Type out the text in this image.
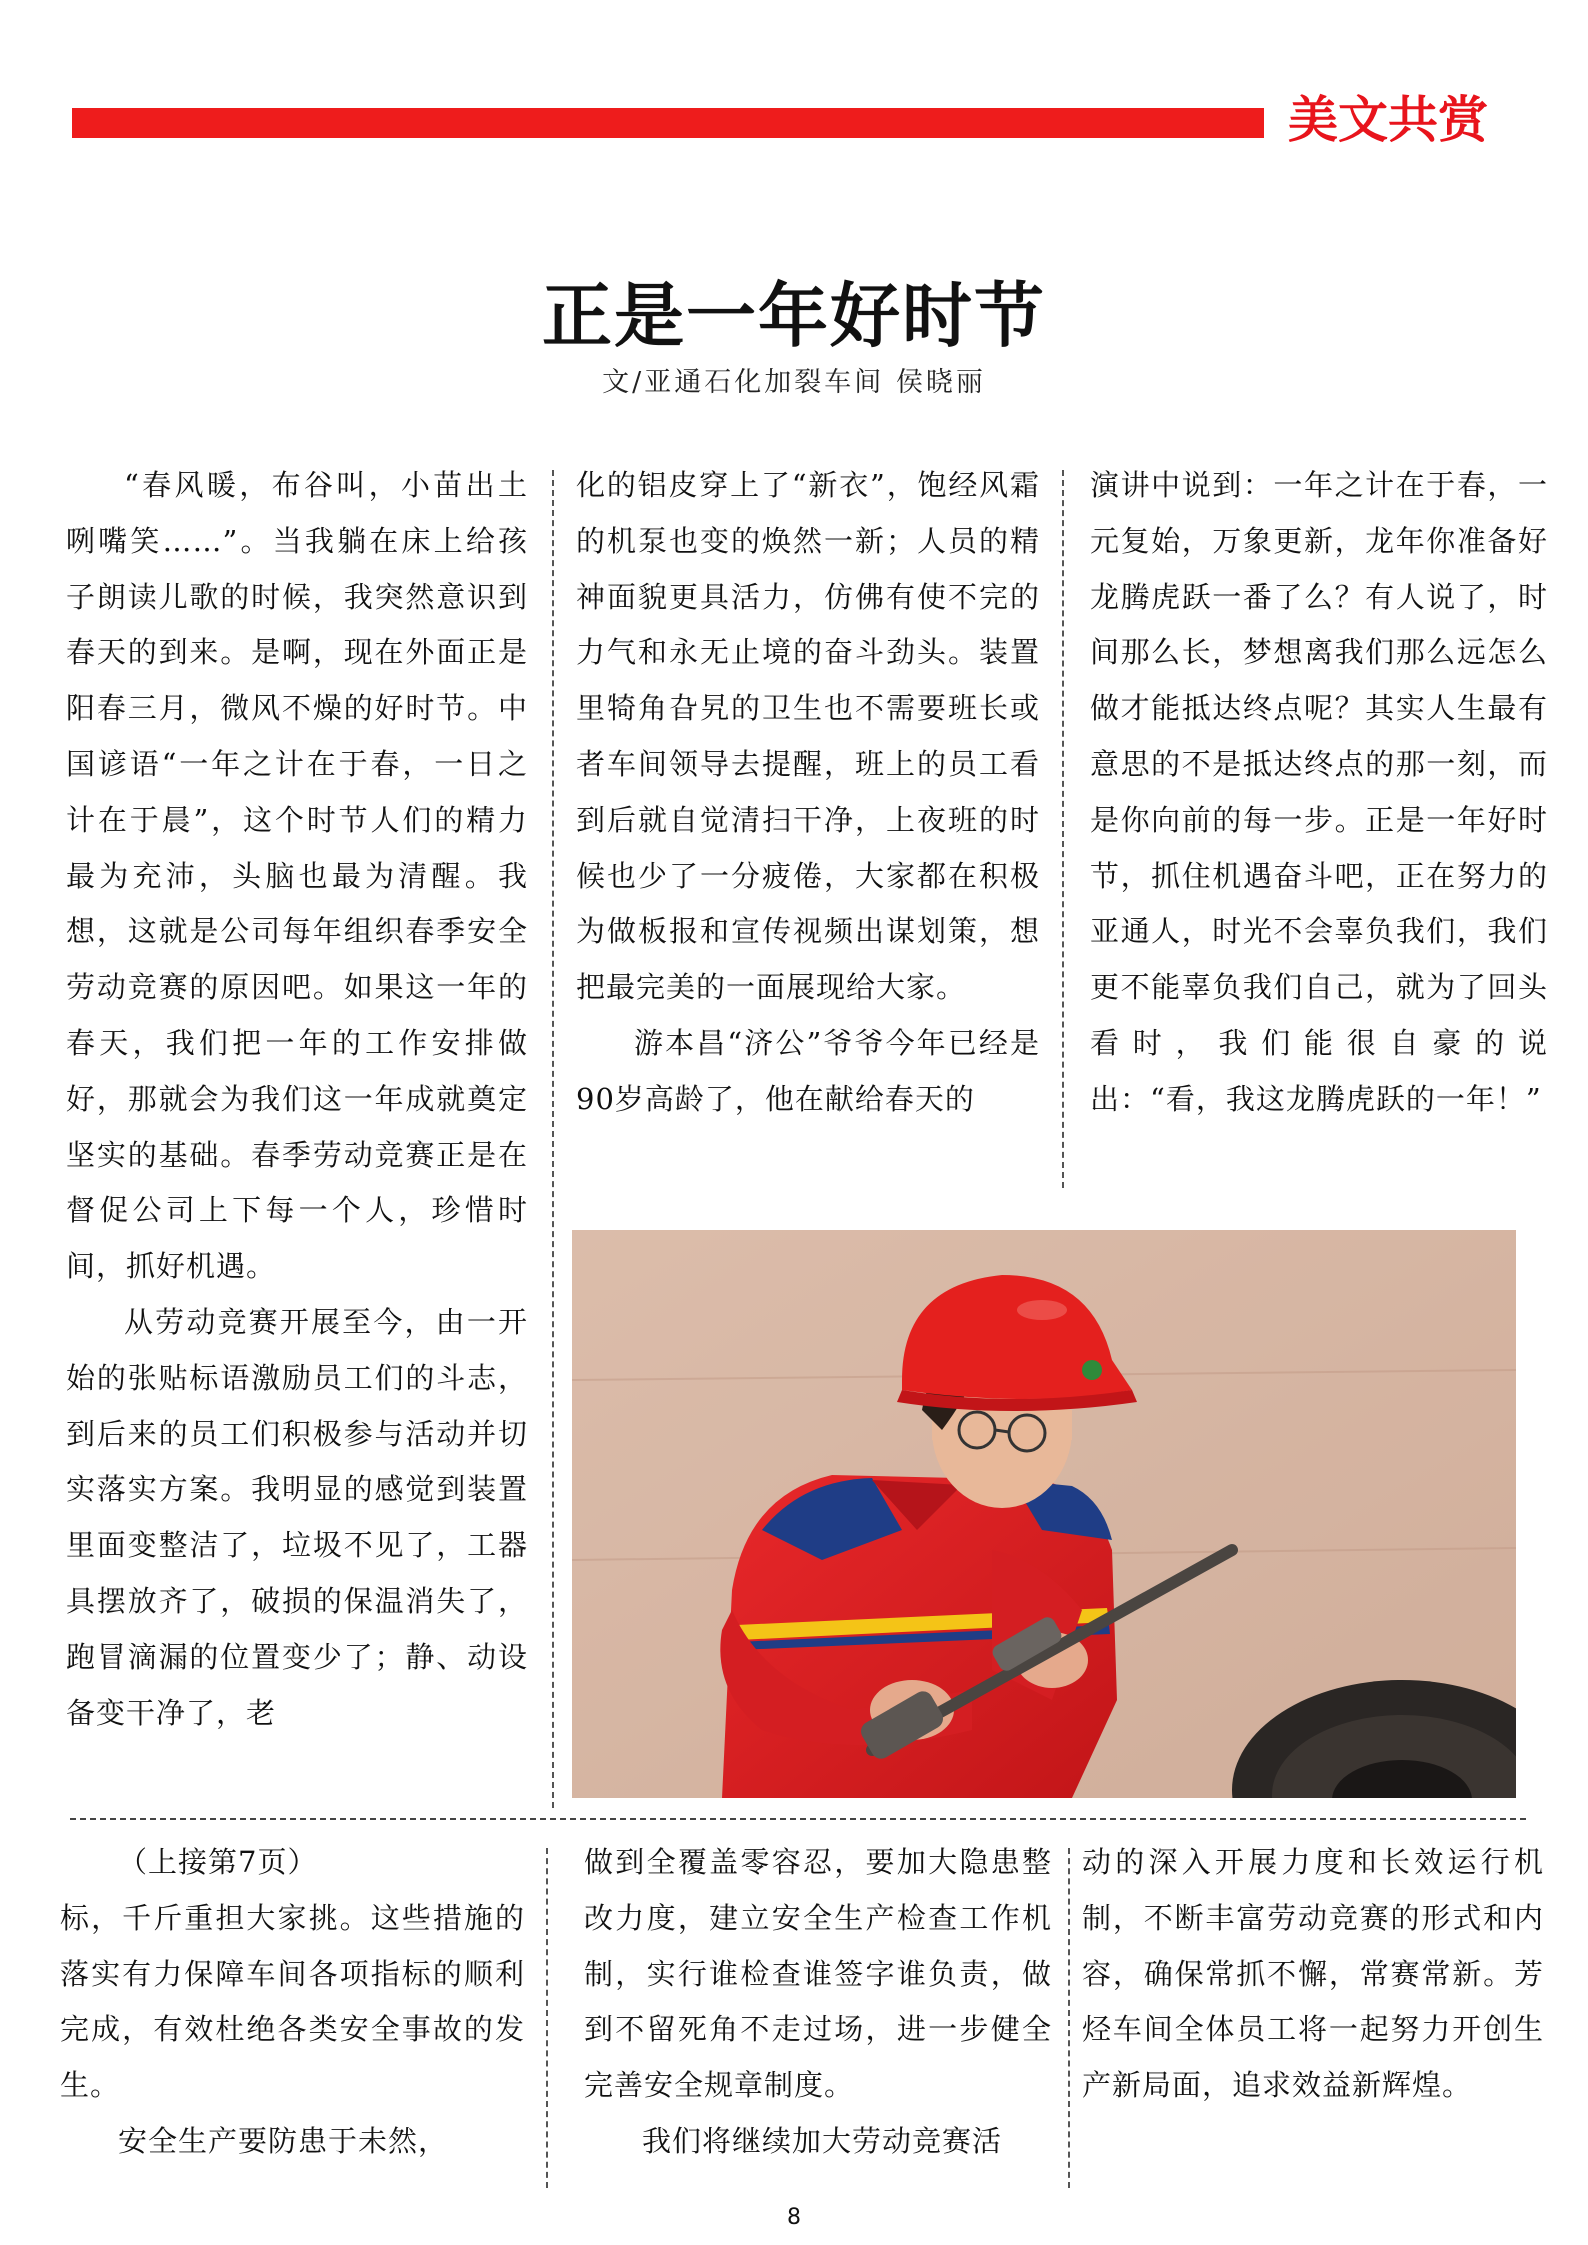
美文共赏
正是一年好时节
文/亚通石化加裂车间 侯晓丽

“春风暖，布谷叫，小苗出土咧嘴笑……”。当我躺在床上给孩子朗读儿歌的时候，我突然意识到春天的到来。是啊，现在外面正是阳春三月，微风不燥的好时节。中国谚语“一年之计在于春，一日之计在于晨”，这个时节人们的精力最为充沛，头脑也最为清醒。我想，这就是公司每年组织春季安全劳动竞赛的原因吧。如果这一年的春天，我们把一年的工作安排做好，那就会为我们这一年成就奠定坚实的基础。春季劳动竞赛正是在督促公司上下每一个人，珍惜时间，抓好机遇。

从劳动竞赛开展至今，由一开始的张贴标语激励员工们的斗志，到后来的员工们积极参与活动并切实落实方案。我明显的感觉到装置里面变整洁了，垃圾不见了，工器具摆放齐了，破损的保温消失了，跑冒滴漏的位置变少了；静、动设备变干净了，老

化的铝皮穿上了“新衣”，饱经风霜的机泵也变的焕然一新；人员的精神面貌更具活力，仿佛有使不完的力气和永无止境的奋斗劲头。装置里犄角旮旯的卫生也不需要班长或者车间领导去提醒，班上的员工看到后就自觉清扫干净，上夜班的时候也少了一分疲倦，大家都在积极为做板报和宣传视频出谋划策，想把最完美的一面展现给大家。

游本昌“济公”爷爷今年已经是90岁高龄了，他在献给春天的

演讲中说到：一年之计在于春，一元复始，万象更新，龙年你准备好龙腾虎跃一番了么？有人说了，时间那么长，梦想离我们那么远怎么做才能抵达终点呢？其实人生最有意思的不是抵达终点的那一刻，而是你向前的每一步。正是一年好时节，抓住机遇奋斗吧，正在努力的亚通人，时光不会辜负我们，我们更不能辜负我们自己，就为了回头看时，我们能很自豪的说出：“看，我这龙腾虎跃的一年！”

（上接第7页）

标，千斤重担大家挑。这些措施的落实有力保障车间各项指标的顺利完成，有效杜绝各类安全事故的发生。

安全生产要防患于未然，

做到全覆盖零容忍，要加大隐患整改力度，建立安全生产检查工作机制，实行谁检查谁签字谁负责，做到不留死角不走过场，进一步健全完善安全规章制度。

我们将继续加大劳动竞赛活

动的深入开展力度和长效运行机制，不断丰富劳动竞赛的形式和内容，确保常抓不懈，常赛常新。芳烃车间全体员工将一起努力开创生产新局面，追求效益新辉煌。

8
